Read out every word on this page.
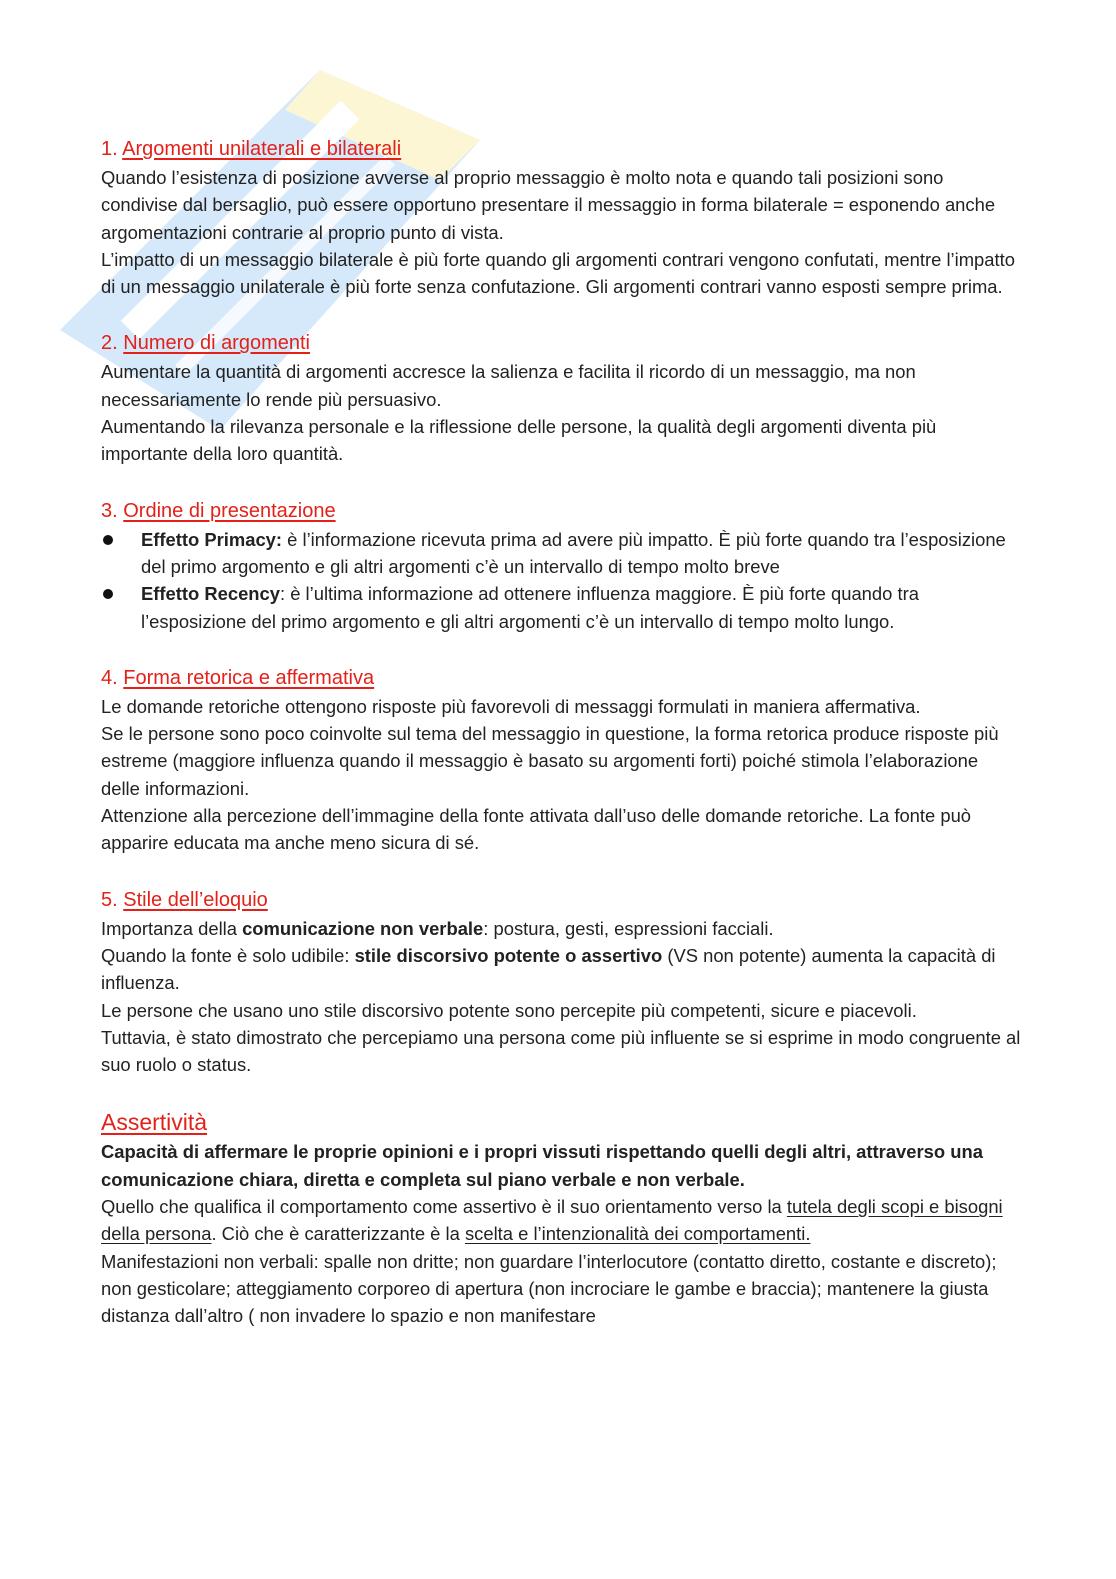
1. Argomenti unilaterali e bilaterali

Quando l’esistenza di posizione avverse al proprio messaggio è molto nota e quando tali posizioni sono condivise dal bersaglio, può essere opportuno presentare il messaggio in forma bilaterale = esponendo anche argomentazioni contrarie al proprio punto di vista.

L’impatto di un messaggio bilaterale è più forte quando gli argomenti contrari vengono confutati, mentre l’impatto di un messaggio unilaterale è più forte senza confutazione. Gli argomenti contrari vanno esposti sempre prima.

2. Numero di argomenti

Aumentare la quantità di argomenti accresce la salienza e facilita il ricordo di un messaggio, ma non necessariamente lo rende più persuasivo.

Aumentando la rilevanza personale e la riflessione delle persone, la qualità degli argomenti diventa più importante della loro quantità.

3. Ordine di presentazione
Effetto Primacy: è l’informazione ricevuta prima ad avere più impatto. È più forte quando tra l’esposizione del primo argomento e gli altri argomenti c’è un intervallo di tempo molto breve
Effetto Recency: è l’ultima informazione ad ottenere influenza maggiore. È più forte quando tra l’esposizione del primo argomento e gli altri argomenti c’è un intervallo di tempo molto lungo.
4. Forma retorica e affermativa

Le domande retoriche ottengono risposte più favorevoli di messaggi formulati in maniera affermativa.

Se le persone sono poco coinvolte sul tema del messaggio in questione, la forma retorica produce risposte più estreme (maggiore influenza quando il messaggio è basato su argomenti forti) poiché stimola l’elaborazione delle informazioni.

Attenzione alla percezione dell’immagine della fonte attivata dall’uso delle domande retoriche. La fonte può apparire educata ma anche meno sicura di sé.

5. Stile dell’eloquio

Importanza della comunicazione non verbale: postura, gesti, espressioni facciali.

Quando la fonte è solo udibile: stile discorsivo potente o assertivo (VS non potente) aumenta la capacità di influenza.

Le persone che usano uno stile discorsivo potente sono percepite più competenti, sicure e piacevoli.

Tuttavia, è stato dimostrato che percepiamo una persona come più influente se si esprime in modo congruente al suo ruolo o status.

Assertività

Capacità di affermare le proprie opinioni e i propri vissuti rispettando quelli degli altri, attraverso una comunicazione chiara, diretta e completa sul piano verbale e non verbale.

Quello che qualifica il comportamento come assertivo è il suo orientamento verso la tutela degli scopi e bisogni della persona. Ciò che è caratterizzante è la scelta e l’intenzionalità dei comportamenti.

Manifestazioni non verbali: spalle non dritte; non guardare l’interlocutore (contatto diretto, costante e discreto); non gesticolare; atteggiamento corporeo di apertura (non incrociare le gambe e braccia); mantenere la giusta distanza dall’altro ( non invadere lo spazio e non manifestare
